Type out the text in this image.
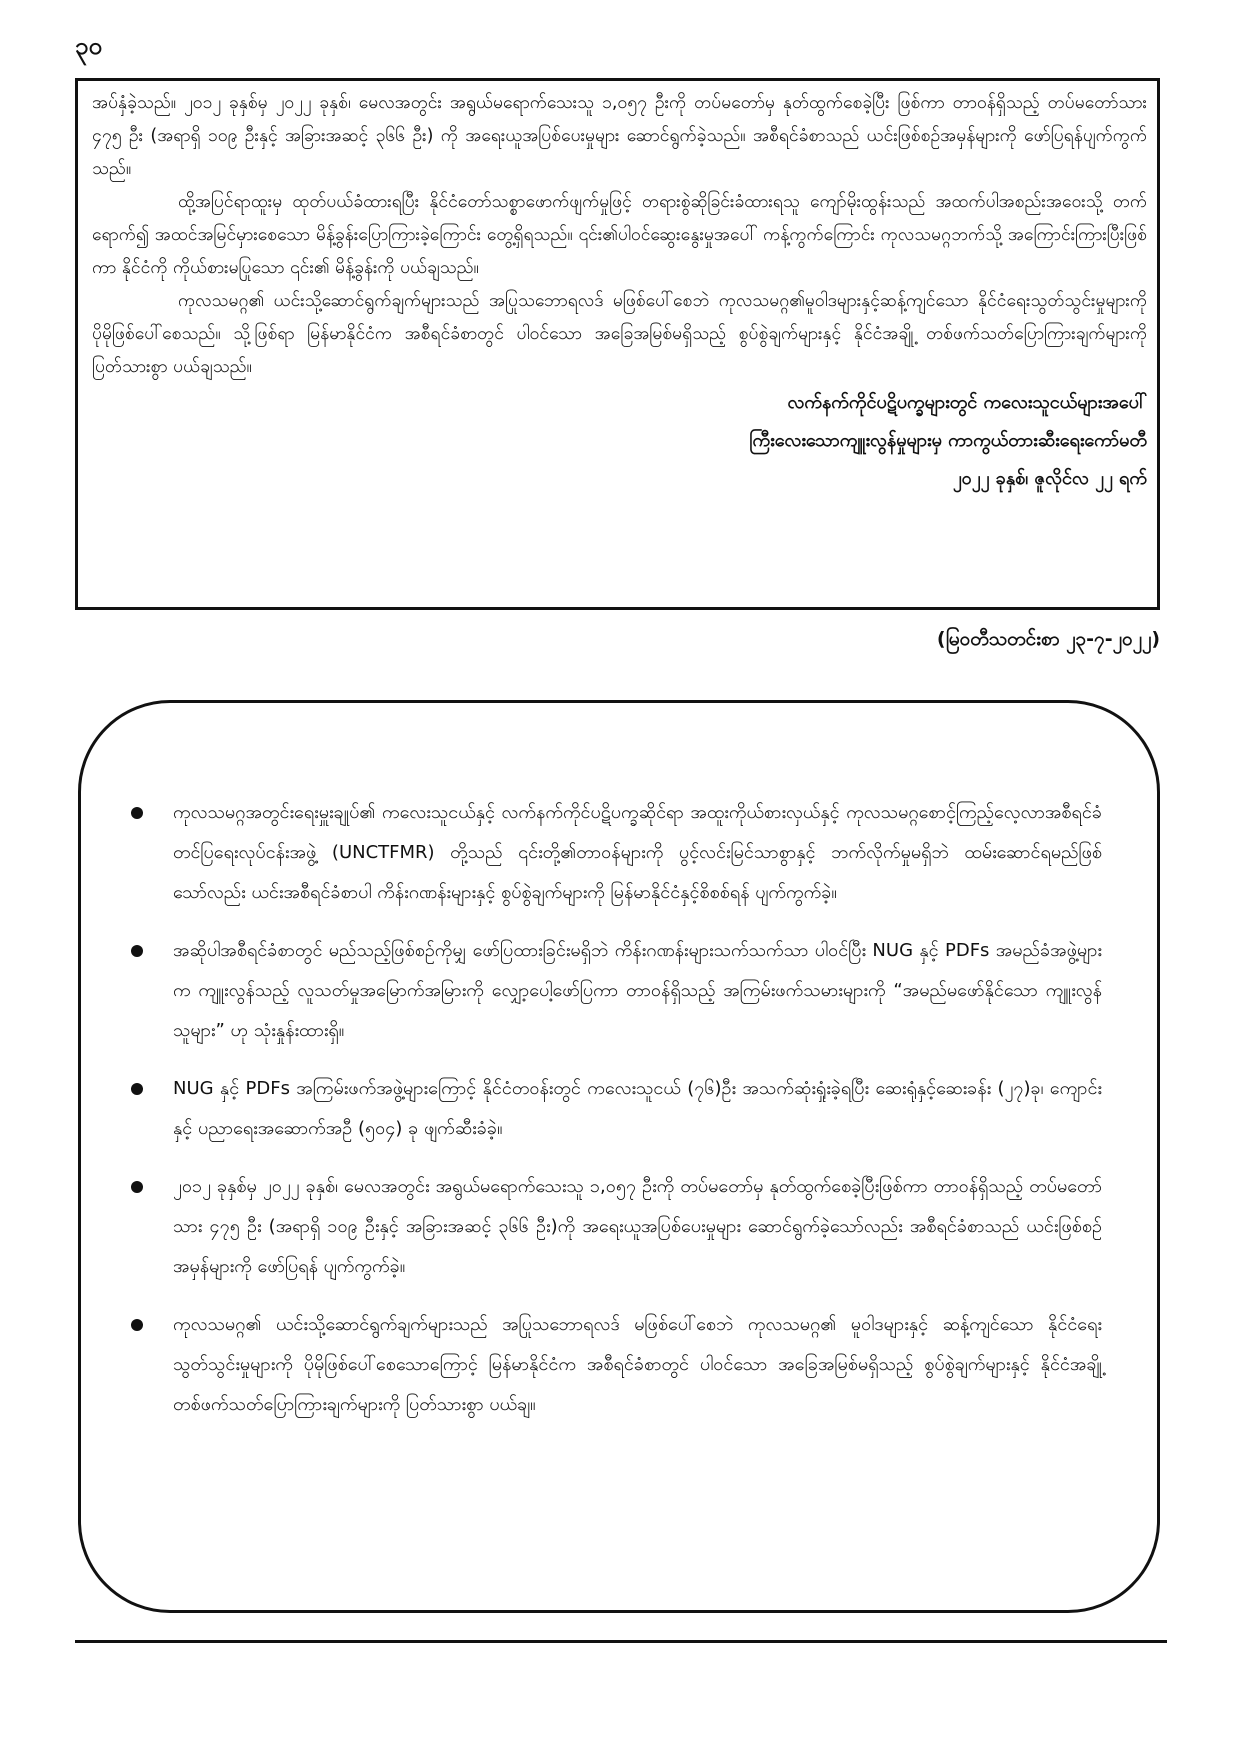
၃၀

အပ်နှံခဲ့သည်။ ၂၀၁၂ ခုနှစ်မှ ၂၀၂၂ ခုနှစ်၊ မေလအတွင်း အရွယ်မရောက်သေးသူ ၁,၀၅၇ ဦးကို တပ်မတော်မှ နုတ်ထွက်စေခဲ့ပြီး ဖြစ်ကာ တာဝန်ရှိသည့် တပ်မတော်သား ၄၇၅ ဦး (အရာရှိ ၁၀၉ ဦးနှင့် အခြားအဆင့် ၃၆၆ ဦး) ကို အရေးယူအပြစ်ပေးမှုများ ဆောင်ရွက်ခဲ့သည်။ အစီရင်ခံစာသည် ယင်းဖြစ်စဉ်အမှန်များကို ဖော်ပြရန်ပျက်ကွက်သည်။

ထို့အပြင်ရာထူးမှ ထုတ်ပယ်ခံထားရပြီး နိုင်ငံတော်သစ္စာဖောက်ဖျက်မှုဖြင့် တရားစွဲဆိုခြင်းခံထားရသူ ကျော်မိုးထွန်းသည် အထက်ပါအစည်းအဝေးသို့ တက်ရောက်၍ အထင်အမြင်မှားစေသော မိန့်ခွန်းပြောကြားခဲ့ကြောင်း တွေ့ရှိရသည်။ ၎င်း၏ပါဝင်ဆွေးနွေးမှုအပေါ် ကန့်ကွက်ကြောင်း ကုလသမဂ္ဂဘက်သို့ အကြောင်းကြားပြီးဖြစ်ကာ နိုင်ငံကို ကိုယ်စားမပြုသော ၎င်း၏ မိန့်ခွန်းကို ပယ်ချသည်။

ကုလသမဂ္ဂ၏ ယင်းသို့ဆောင်ရွက်ချက်များသည် အပြုသဘောရလဒ် မဖြစ်ပေါ်စေဘဲ ကုလသမဂ္ဂ၏မူဝါဒများနှင့်ဆန့်ကျင်သော နိုင်ငံရေးသွတ်သွင်းမှုများကို ပိုမိုဖြစ်ပေါ်စေသည်။ သို့ဖြစ်ရာ မြန်မာနိုင်ငံက အစီရင်ခံစာတွင် ပါဝင်သော အခြေအမြစ်မရှိသည့် စွပ်စွဲချက်များနှင့် နိုင်ငံအချို့ တစ်ဖက်သတ်ပြောကြားချက်များကို ပြတ်သားစွာ ပယ်ချသည်။

လက်နက်ကိုင်ပဋိပက္ခများတွင် ကလေးသူငယ်များအပေါ်
ကြီးလေးသောကျူးလွန်မှုများမှ ကာကွယ်တားဆီးရေးကော်မတီ
၂၀၂၂ ခုနှစ်၊ ဇူလိုင်လ ၂၂ ရက်
(မြဝတီသတင်းစာ ၂၃-၇-၂၀၂၂)
ကုလသမဂ္ဂအတွင်းရေးမှူးချုပ်၏ ကလေးသူငယ်နှင့် လက်နက်ကိုင်ပဋိပက္ခဆိုင်ရာ အထူးကိုယ်စားလှယ်နှင့် ကုလသမဂ္ဂစောင့်ကြည့်လေ့လာအစီရင်ခံတင်ပြရေးလုပ်ငန်းအဖွဲ့ (UNCTFMR) တို့သည် ၎င်းတို့၏တာဝန်များကို ပွင့်လင်းမြင်သာစွာနှင့် ဘက်လိုက်မှုမရှိဘဲ ထမ်းဆောင်ရမည်ဖြစ်သော်လည်း ယင်းအစီရင်ခံစာပါ ကိန်းဂဏန်းများနှင့် စွပ်စွဲချက်များကို မြန်မာနိုင်ငံနှင့်စိစစ်ရန် ပျက်ကွက်ခဲ့။
အဆိုပါအစီရင်ခံစာတွင် မည်သည့်ဖြစ်စဉ်ကိုမျှ ဖော်ပြထားခြင်းမရှိဘဲ ကိန်းဂဏန်းများသက်သက်သာ ပါဝင်ပြီး NUG နှင့် PDFs အမည်ခံအဖွဲ့များက ကျူးလွန်သည့် လူသတ်မှုအမြောက်အမြားကို လျှော့ပေါ့ဖော်ပြကာ တာဝန်ရှိသည့် အကြမ်းဖက်သမားများကို “အမည်မဖော်နိုင်သော ကျူးလွန်သူများ” ဟု သုံးနှုန်းထားရှိ။
NUG နှင့် PDFs အကြမ်းဖက်အဖွဲ့များကြောင့် နိုင်ငံတဝန်းတွင် ကလေးသူငယ် (၇၆)ဦး အသက်ဆုံးရှုံးခဲ့ရပြီး ဆေးရုံနှင့်ဆေးခန်း (၂၇)ခု၊ ကျောင်းနှင့် ပညာရေးအဆောက်အဦ (၅၀၄) ခု ဖျက်ဆီးခံခဲ့။
၂၀၁၂ ခုနှစ်မှ ၂၀၂၂ ခုနှစ်၊ မေလအတွင်း အရွယ်မရောက်သေးသူ ၁,၀၅၇ ဦးကို တပ်မတော်မှ နုတ်ထွက်စေခဲ့ပြီးဖြစ်ကာ တာဝန်ရှိသည့် တပ်မတော်သား ၄၇၅ ဦး (အရာရှိ ၁၀၉ ဦးနှင့် အခြားအဆင့် ၃၆၆ ဦး)ကို အရေးယူအပြစ်ပေးမှုများ ဆောင်ရွက်ခဲ့သော်လည်း အစီရင်ခံစာသည် ယင်းဖြစ်စဉ်အမှန်များကို ဖော်ပြရန် ပျက်ကွက်ခဲ့။
ကုလသမဂ္ဂ၏ ယင်းသို့ဆောင်ရွက်ချက်များသည် အပြုသဘောရလဒ် မဖြစ်ပေါ်စေဘဲ ကုလသမဂ္ဂ၏ မူဝါဒများနှင့် ဆန့်ကျင်သော နိုင်ငံရေးသွတ်သွင်းမှုများကို ပိုမိုဖြစ်ပေါ်စေသောကြောင့် မြန်မာနိုင်ငံက အစီရင်ခံစာတွင် ပါဝင်သော အခြေအမြစ်မရှိသည့် စွပ်စွဲချက်များနှင့် နိုင်ငံအချို့ တစ်ဖက်သတ်ပြောကြားချက်များကို ပြတ်သားစွာ ပယ်ချ။
